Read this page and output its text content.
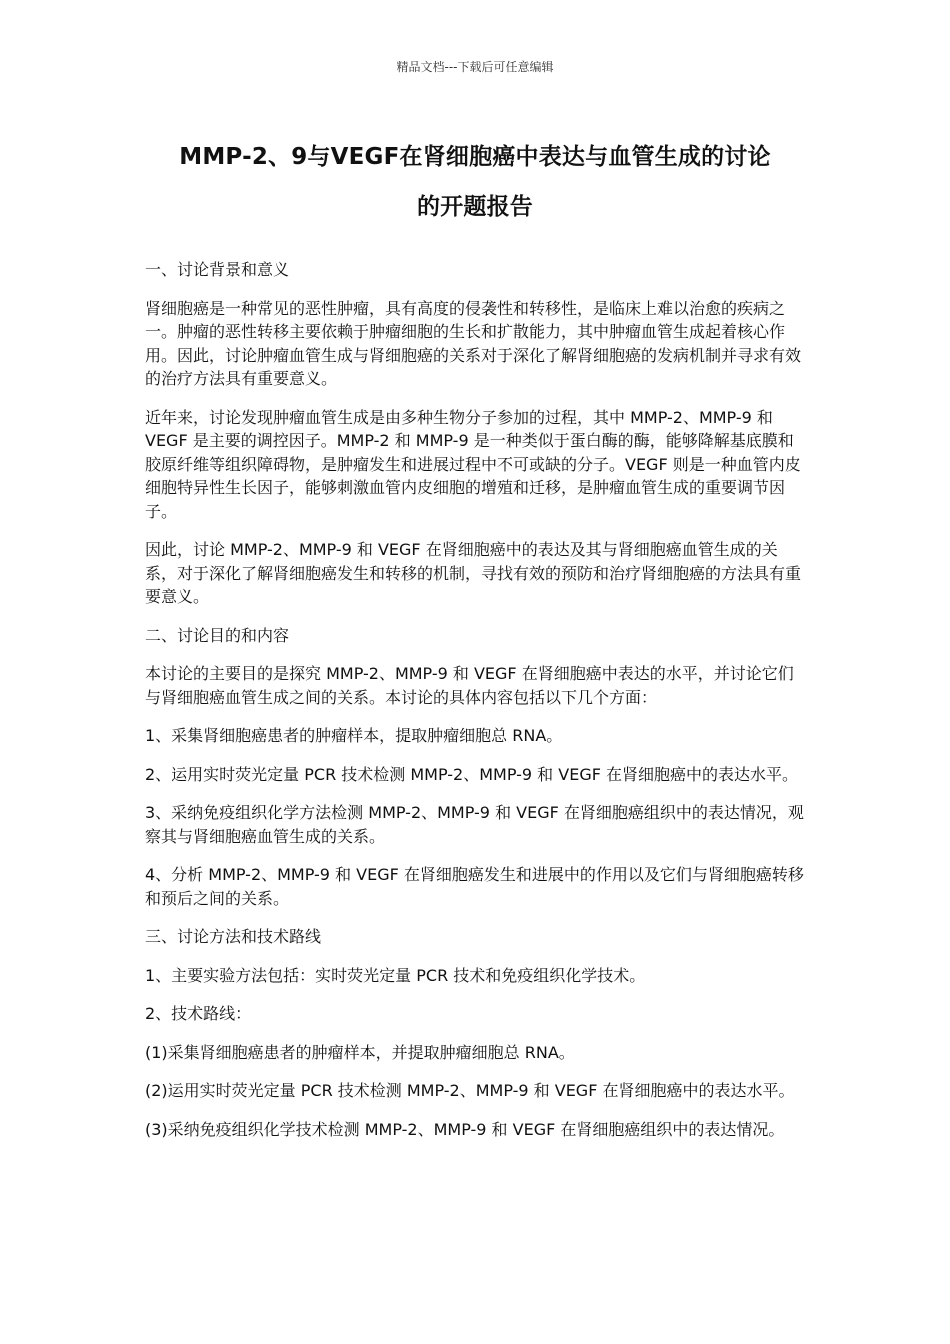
精品文档---下载后可任意编辑
MMP-2、9与VEGF在肾细胞癌中表达与血管生成的讨论
的开题报告

一、讨论背景和意义

肾细胞癌是一种常见的恶性肿瘤，具有高度的侵袭性和转移性，是临床上难以治愈的疾病之一。肿瘤的恶性转移主要依赖于肿瘤细胞的生长和扩散能力，其中肿瘤血管生成起着核心作用。因此，讨论肿瘤血管生成与肾细胞癌的关系对于深化了解肾细胞癌的发病机制并寻求有效的治疗方法具有重要意义。

近年来，讨论发现肿瘤血管生成是由多种生物分子参加的过程，其中 MMP-2、MMP-9 和 VEGF 是主要的调控因子。MMP-2 和 MMP-9 是一种类似于蛋白酶的酶，能够降解基底膜和胶原纤维等组织障碍物，是肿瘤发生和进展过程中不可或缺的分子。VEGF 则是一种血管内皮细胞特异性生长因子，能够刺激血管内皮细胞的增殖和迁移，是肿瘤血管生成的重要调节因子。

因此，讨论 MMP-2、MMP-9 和 VEGF 在肾细胞癌中的表达及其与肾细胞癌血管生成的关系，对于深化了解肾细胞癌发生和转移的机制，寻找有效的预防和治疗肾细胞癌的方法具有重要意义。

二、讨论目的和内容

本讨论的主要目的是探究 MMP-2、MMP-9 和 VEGF 在肾细胞癌中表达的水平，并讨论它们与肾细胞癌血管生成之间的关系。本讨论的具体内容包括以下几个方面：

1、采集肾细胞癌患者的肿瘤样本，提取肿瘤细胞总 RNA。

2、运用实时荧光定量 PCR 技术检测 MMP-2、MMP-9 和 VEGF 在肾细胞癌中的表达水平。

3、采纳免疫组织化学方法检测 MMP-2、MMP-9 和 VEGF 在肾细胞癌组织中的表达情况，观察其与肾细胞癌血管生成的关系。

4、分析 MMP-2、MMP-9 和 VEGF 在肾细胞癌发生和进展中的作用以及它们与肾细胞癌转移和预后之间的关系。

三、讨论方法和技术路线

1、主要实验方法包括：实时荧光定量 PCR 技术和免疫组织化学技术。

2、技术路线：

(1)采集肾细胞癌患者的肿瘤样本，并提取肿瘤细胞总 RNA。

(2)运用实时荧光定量 PCR 技术检测 MMP-2、MMP-9 和 VEGF 在肾细胞癌中的表达水平。

(3)采纳免疫组织化学技术检测 MMP-2、MMP-9 和 VEGF 在肾细胞癌组织中的表达情况。
